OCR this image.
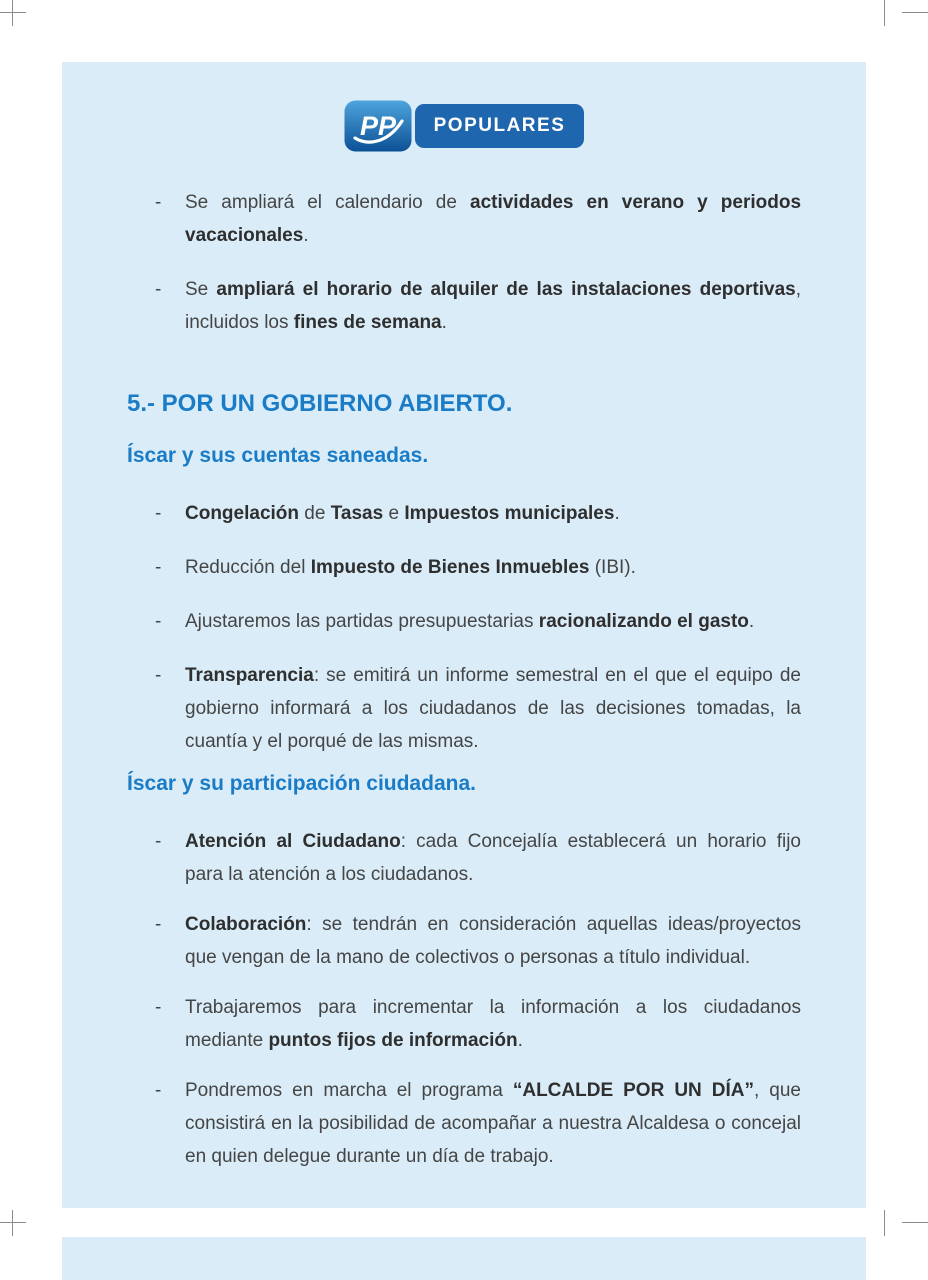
PP	POPULARES
-	Se ampliará el calendario de actividades en verano y periodos vacacionales.

-	Se ampliará el horario de alquiler de las instalaciones deportivas, incluidos los fines de semana.

5.- POR UN GOBIERNO ABIERTO.
Íscar y sus cuentas saneadas.
-	Congelación de Tasas e Impuestos municipales.

-	Reducción del Impuesto de Bienes Inmuebles (IBI).

-	Ajustaremos las partidas presupuestarias racionalizando el gasto.

-	Transparencia: se emitirá un informe semestral en el que el equipo de gobierno informará a los ciudadanos de las decisiones tomadas, la cuantía y el porqué de las mismas.

Íscar y su participación ciudadana.
-	Atención al Ciudadano: cada Concejalía establecerá un horario fijo para la atención a los ciudadanos.

-	Colaboración: se tendrán en consideración aquellas ideas/proyectos que vengan de la mano de colectivos o personas a título individual.

-	Trabajaremos para incrementar la información a los ciudadanos mediante puntos fijos de información.

-	Pondremos en marcha el programa “ALCALDE POR UN DÍA”, que consistirá en la posibilidad de acompañar a nuestra Alcaldesa o concejal en quien delegue durante un día de trabajo.
